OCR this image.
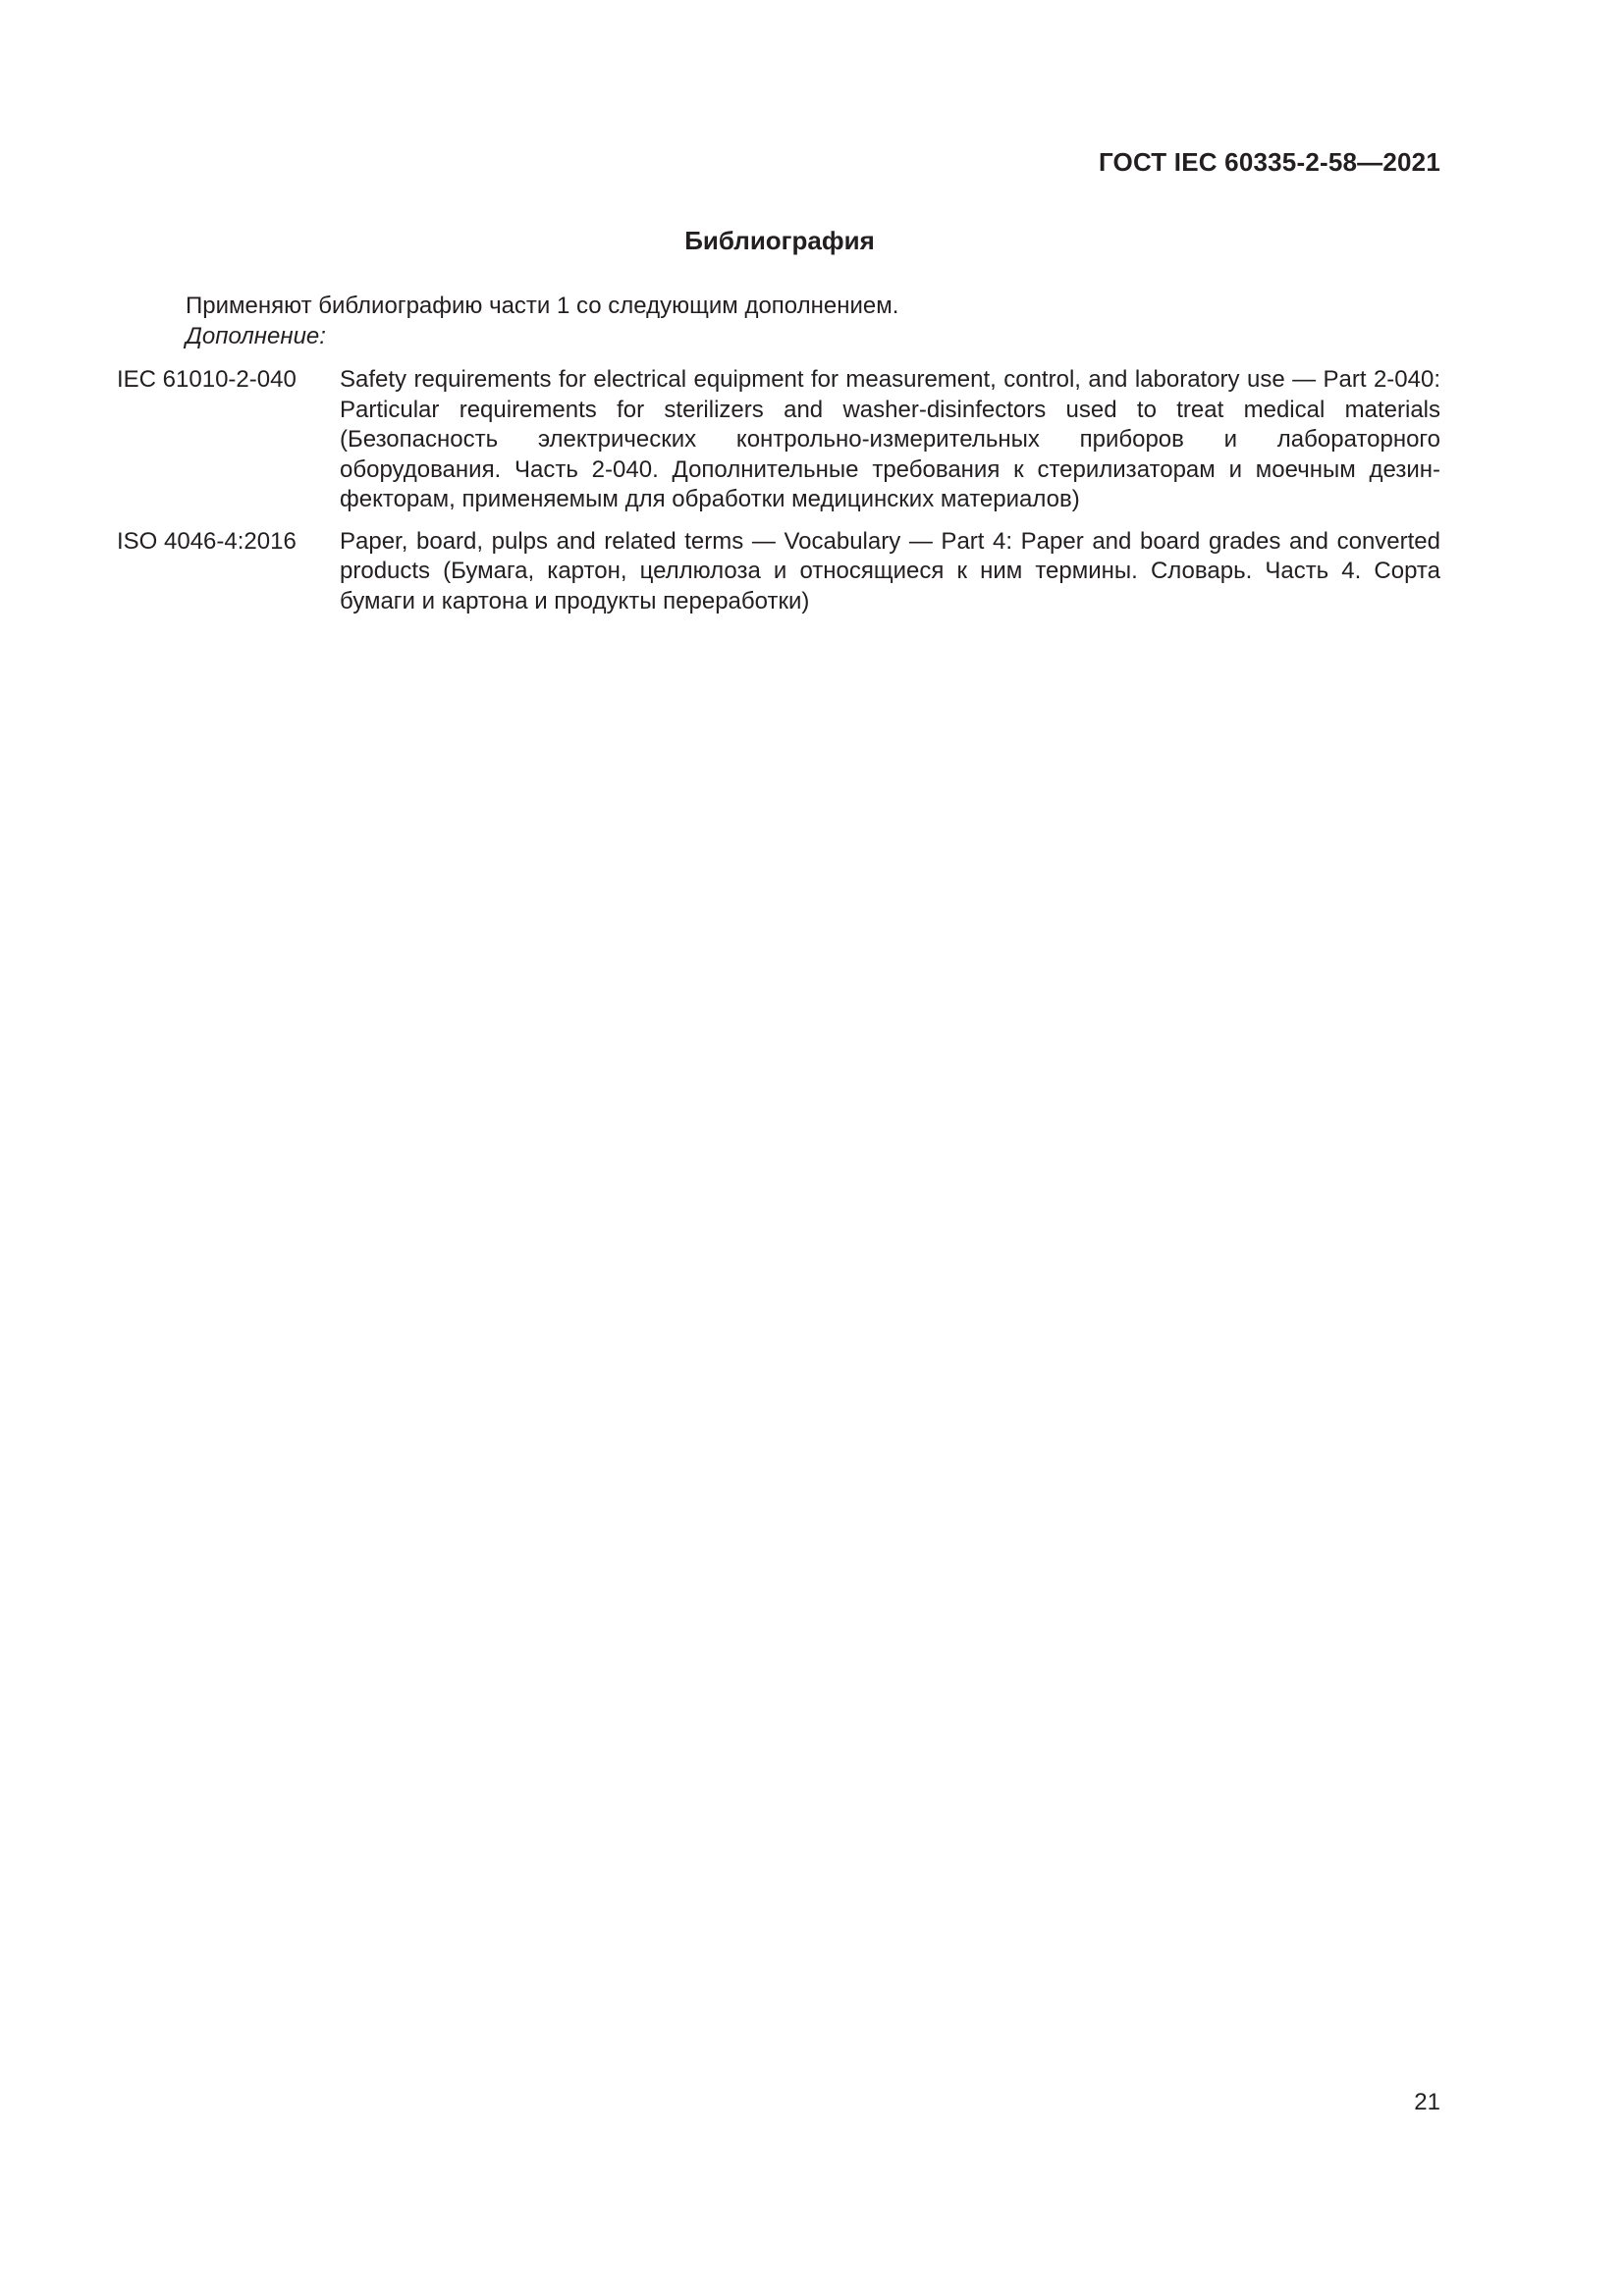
ГОСТ IEC 60335-2-58—2021
Библиография
Применяют библиографию части 1 со следующим дополнением.
Дополнение:
IEC 61010-2-040	Safety requirements for electrical equipment for measurement, control, and laboratory use — Part 2-040: Particular requirements for sterilizers and washer-disinfectors used to treat medical materials (Безопасность электрических контрольно-измерительных приборов и лабораторного оборудования. Часть 2-040. Дополнительные требования к стерилизаторам и моечным дезинфекторам, применяемым для обработки медицинских материалов)
ISO 4046-4:2016	Paper, board, pulps and related terms — Vocabulary — Part 4: Paper and board grades and converted products (Бумага, картон, целлюлоза и относящиеся к ним термины. Словарь. Часть 4. Сорта бумаги и картона и продукты переработки)
21
